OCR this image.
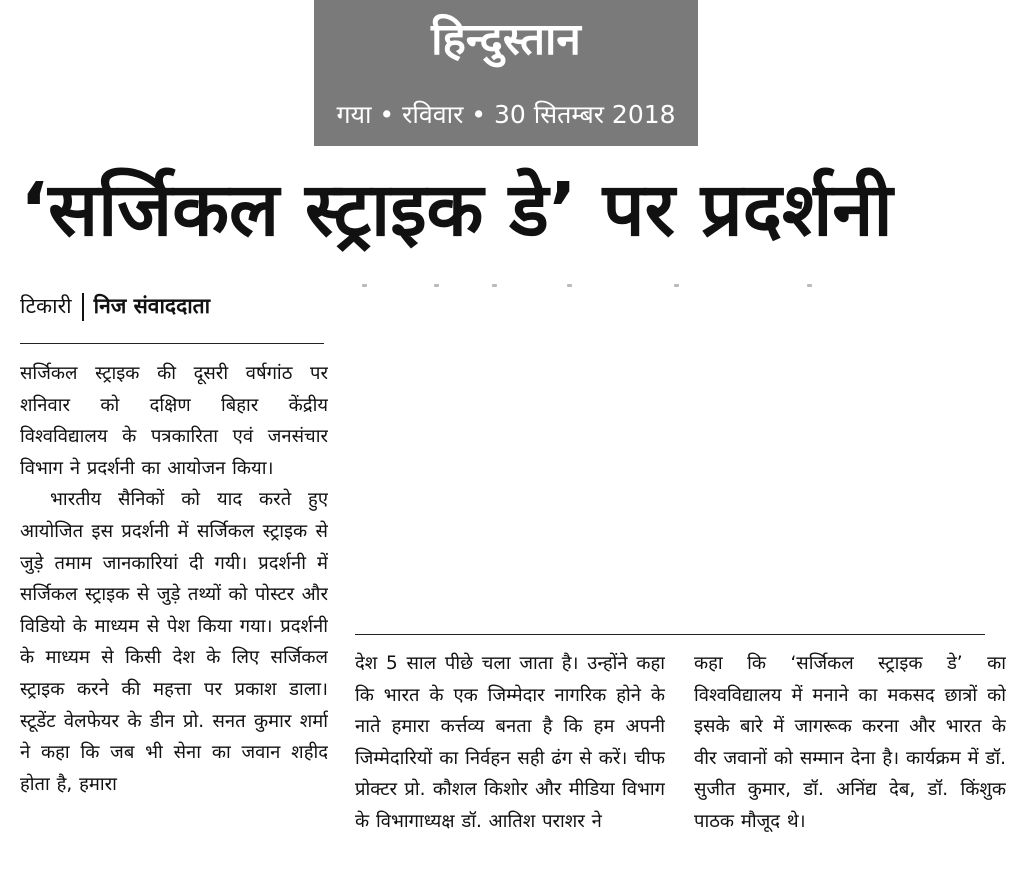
हिन्दुस्तान
गया • रविवार • 30 सितम्बर 2018
‘सर्जिकल स्ट्राइक डे’ पर प्रदर्शनी
टिकारी निज संवाददाता

सर्जिकल स्ट्राइक की दूसरी वर्षगांठ पर शनिवार को दक्षिण बिहार केंद्रीय विश्वविद्यालय के पत्रकारिता एवं जनसंचार विभाग ने प्रदर्शनी का आयोजन किया।

भारतीय सैनिकों को याद करते हुए आयोजित इस प्रदर्शनी में सर्जिकल स्ट्राइक से जुड़े तमाम जानकारियां दी गयी। प्रदर्शनी में सर्जिकल स्ट्राइक से जुड़े तथ्यों को पोस्टर और विडियो के माध्यम से पेश किया गया। प्रदर्शनी के माध्यम से किसी देश के लिए सर्जिकल स्ट्राइक करने की महत्ता पर प्रकाश डाला। स्टूडेंट वेलफेयर के डीन प्रो. सनत कुमार शर्मा ने कहा कि जब भी सेना का जवान शहीद होता है, हमारा

देश 5 साल पीछे चला जाता है। उन्होंने कहा कि भारत के एक जिम्मेदार नागरिक होने के नाते हमारा कर्त्तव्य बनता है कि हम अपनी जिम्मेदारियों का निर्वहन सही ढंग से करें। चीफ प्रोक्टर प्रो. कौशल किशोर और मीडिया विभाग के विभागाध्यक्ष डॉ. आतिश पराशर ने

कहा कि ‘सर्जिकल स्ट्राइक डे’ का विश्वविद्यालय में मनाने का मकसद छात्रों को इसके बारे में जागरूक करना और भारत के वीर जवानों को सम्मान देना है। कार्यक्रम में डॉ. सुजीत कुमार, डॉ. अनिंद्य देब, डॉ. किंशुक पाठक मौजूद थे।
